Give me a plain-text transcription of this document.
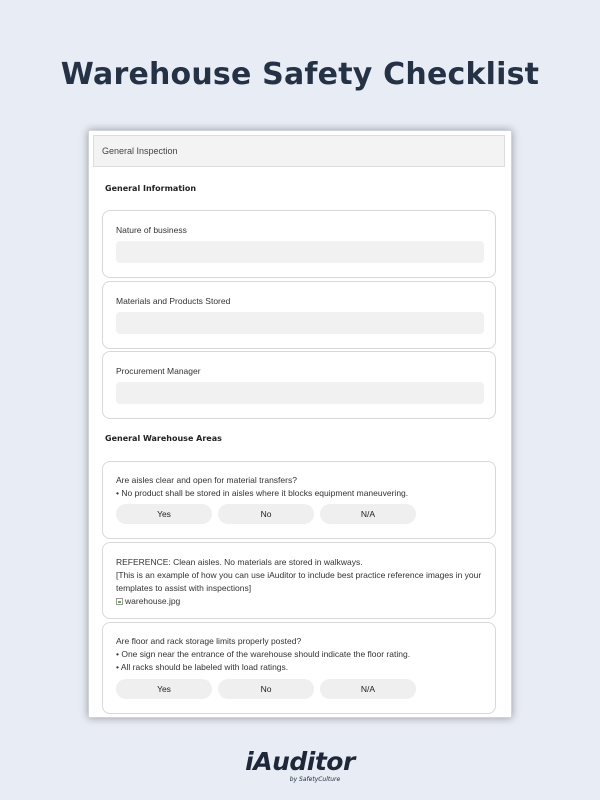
Warehouse Safety Checklist
General Inspection
General Information
Nature of business
Materials and Products Stored
Procurement Manager
General Warehouse Areas
Are aisles clear and open for material transfers?
• No product shall be stored in aisles where it blocks equipment maneuvering.
Yes	No	N/A
REFERENCE: Clean aisles. No materials are stored in walkways.
[This is an example of how you can use iAuditor to include best practice reference images in your templates to assist with inspections]
warehouse.jpg
Are floor and rack storage limits properly posted?
• One sign near the entrance of the warehouse should indicate the floor rating.
• All racks should be labeled with load ratings.
Yes	No	N/A
iAuditor
by SafetyCulture
